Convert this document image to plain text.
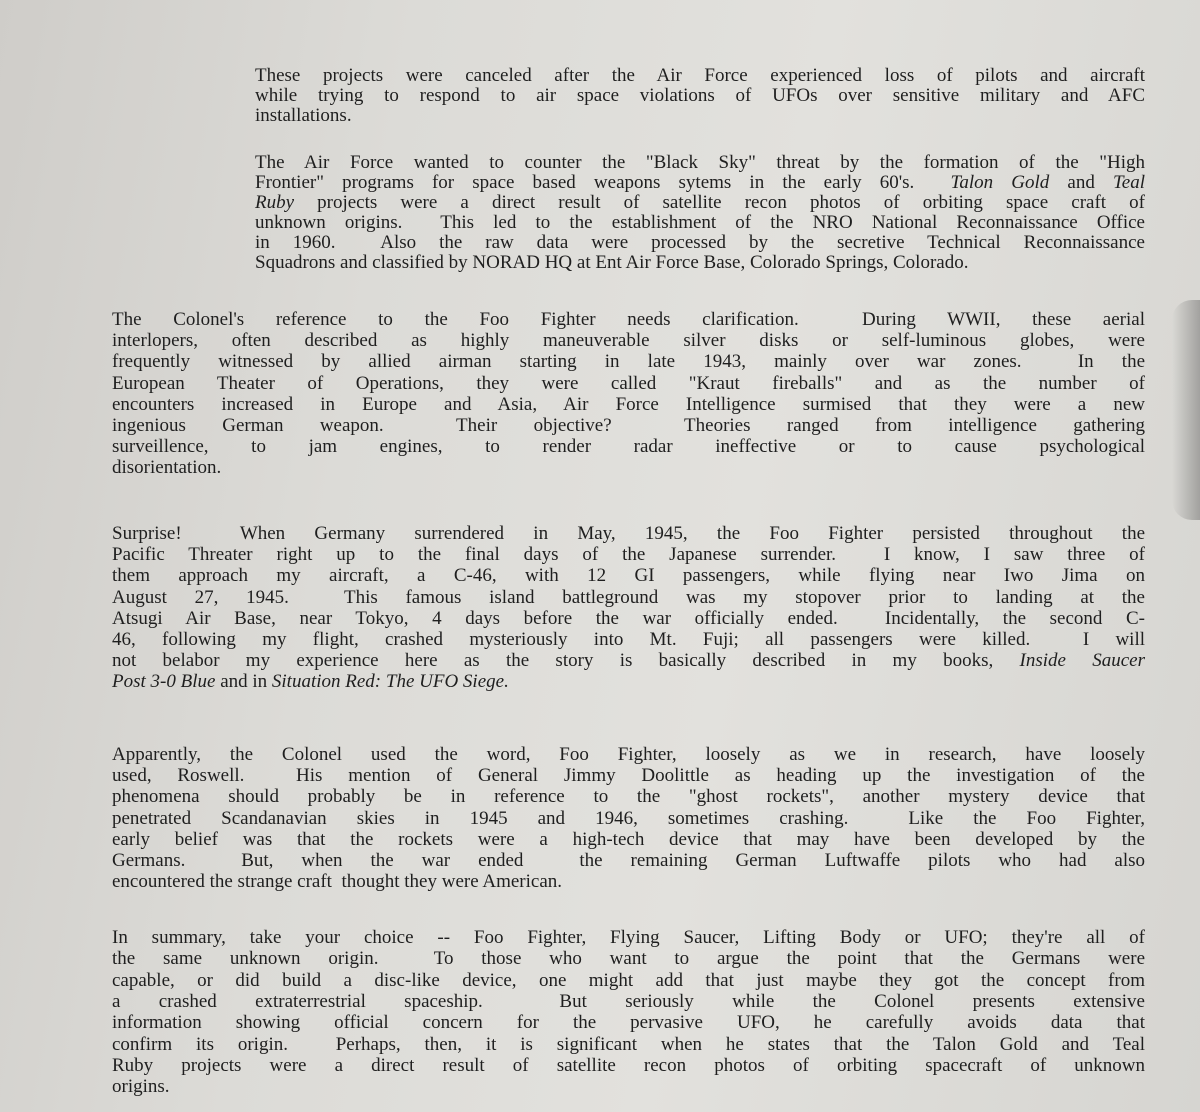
These projects were canceled after the Air Force experienced loss of pilots and aircraft
while trying to respond to air space violations of UFOs over sensitive military and AFC
installations.
The Air Force wanted to counter the "Black Sky" threat by the formation of the "High
Frontier" programs for space based weapons sytems in the early 60's.  Talon Gold and Teal
Ruby projects were a direct result of satellite recon photos of orbiting space craft of
unknown origins.  This led to the establishment of the NRO National Reconnaissance Office
in 1960.  Also the raw data were processed by the secretive Technical Reconnaissance
Squadrons and classified by NORAD HQ at Ent Air Force Base, Colorado Springs, Colorado.
The Colonel's reference to the Foo Fighter needs clarification.  During WWII, these aerial
interlopers, often described as highly maneuverable silver disks or self-luminous globes, were
frequently witnessed by allied airman starting in late 1943, mainly over war zones.  In the
European Theater of Operations, they were called "Kraut fireballs" and as the number of
encounters increased in Europe and Asia, Air Force Intelligence surmised that they were a new
ingenious German weapon.  Their objective?  Theories ranged from intelligence gathering
surveillence, to jam engines, to render radar ineffective or to cause psychological
disorientation.
Surprise!  When Germany surrendered in May, 1945, the Foo Fighter persisted throughout the
Pacific Threater right up to the final days of the Japanese surrender.  I know, I saw three of
them approach my aircraft, a C-46, with 12 GI passengers, while flying near Iwo Jima on
August 27, 1945.  This famous island battleground was my stopover prior to landing at the
Atsugi Air Base, near Tokyo, 4 days before the war officially ended.  Incidentally, the second C-
46, following my flight, crashed mysteriously into Mt. Fuji; all passengers were killed.  I will
not belabor my experience here as the story is basically described in my books, Inside Saucer
Post 3-0 Blue and in Situation Red: The UFO Siege.
Apparently, the Colonel used the word, Foo Fighter, loosely as we in research, have loosely
used, Roswell.  His mention of General Jimmy Doolittle as heading up the investigation of the
phenomena should probably be in reference to the "ghost rockets", another mystery device that
penetrated Scandanavian skies in 1945 and 1946, sometimes crashing.  Like the Foo Fighter,
early belief was that the rockets were a high-tech device that may have been developed by the
Germans.  But, when the war ended  the remaining German Luftwaffe pilots who had also
encountered the strange craft  thought they were American.
In summary, take your choice -- Foo Fighter, Flying Saucer, Lifting Body or UFO; they're all of
the same unknown origin.  To those who want to argue the point that the Germans were
capable, or did build a disc-like device, one might add that just maybe they got the concept from
a crashed extraterrestrial spaceship.  But seriously while the Colonel presents extensive
information showing official concern for the pervasive UFO, he carefully avoids data that
confirm its origin.  Perhaps, then, it is significant when he states that the Talon Gold and Teal
Ruby projects were a direct result of satellite recon photos of orbiting spacecraft of unknown
origins.
